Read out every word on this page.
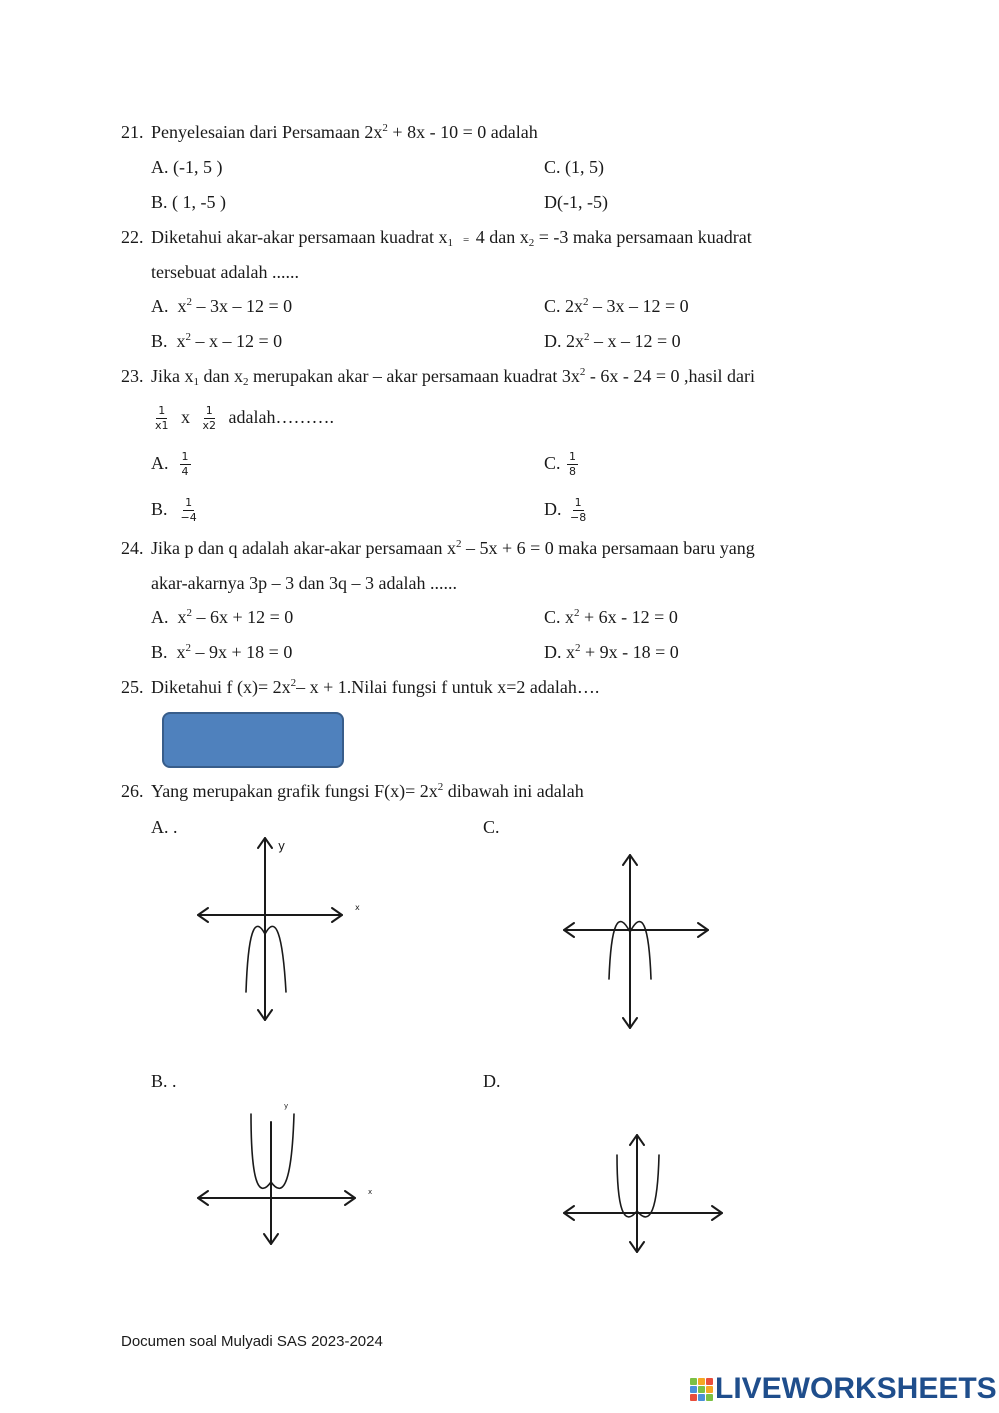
21. Penyelesaian dari Persamaan $2x^2 + 8x - 10 = 0$ adalah
A. (-1, 5 )	C. (1, 5)
B. ( 1, -5 )	D(-1, -5)
22. Diketahui akar-akar persamaan kuadrat $x_1 = 4$ dan $x_2 = -3$ maka persamaan kuadrat
tersebuat adalah ......
A. $x^2 - 3x - 12 = 0$	C. $2x^2 - 3x - 12 = 0$
B. $x^2 - x - 12 = 0$	D. $2x^2 - x - 12 = 0$
23. Jika $x_1$ dan $x_2$ merupakan akar – akar persamaan kuadrat $3x^2 - 6x - 24 = 0$ ,hasil dari
$\frac{1}{x1}$ x $\frac{1}{x2}$ adalah……….
A. $\frac{1}{4}$	C. $\frac{1}{8}$
B. $\frac{1}{-4}$	D. $\frac{1}{-8}$
24. Jika p dan q adalah akar-akar persamaan $x^2 - 5x + 6 = 0$ maka persamaan baru yang
akar-akarnya 3p – 3 dan 3q – 3 adalah ......
A. $x^2 - 6x + 12 = 0$	C. $x^2 + 6x - 12 = 0$
B. $x^2 - 9x + 18 = 0$	D. $x^2 + 9x - 18 = 0$
25. Diketahui f $(x)= 2x^2-$ x + 1.Nilai fungsi f untuk x=2 adalah….
26. Yang merupakan grafik fungsi $F(x)= 2x^2$ dibawah ini adalah
A. .	C.
B. .	D.
y
x
y
x
Documen soal Mulyadi SAS 2023-2024
LIVEWORKSHEETS
